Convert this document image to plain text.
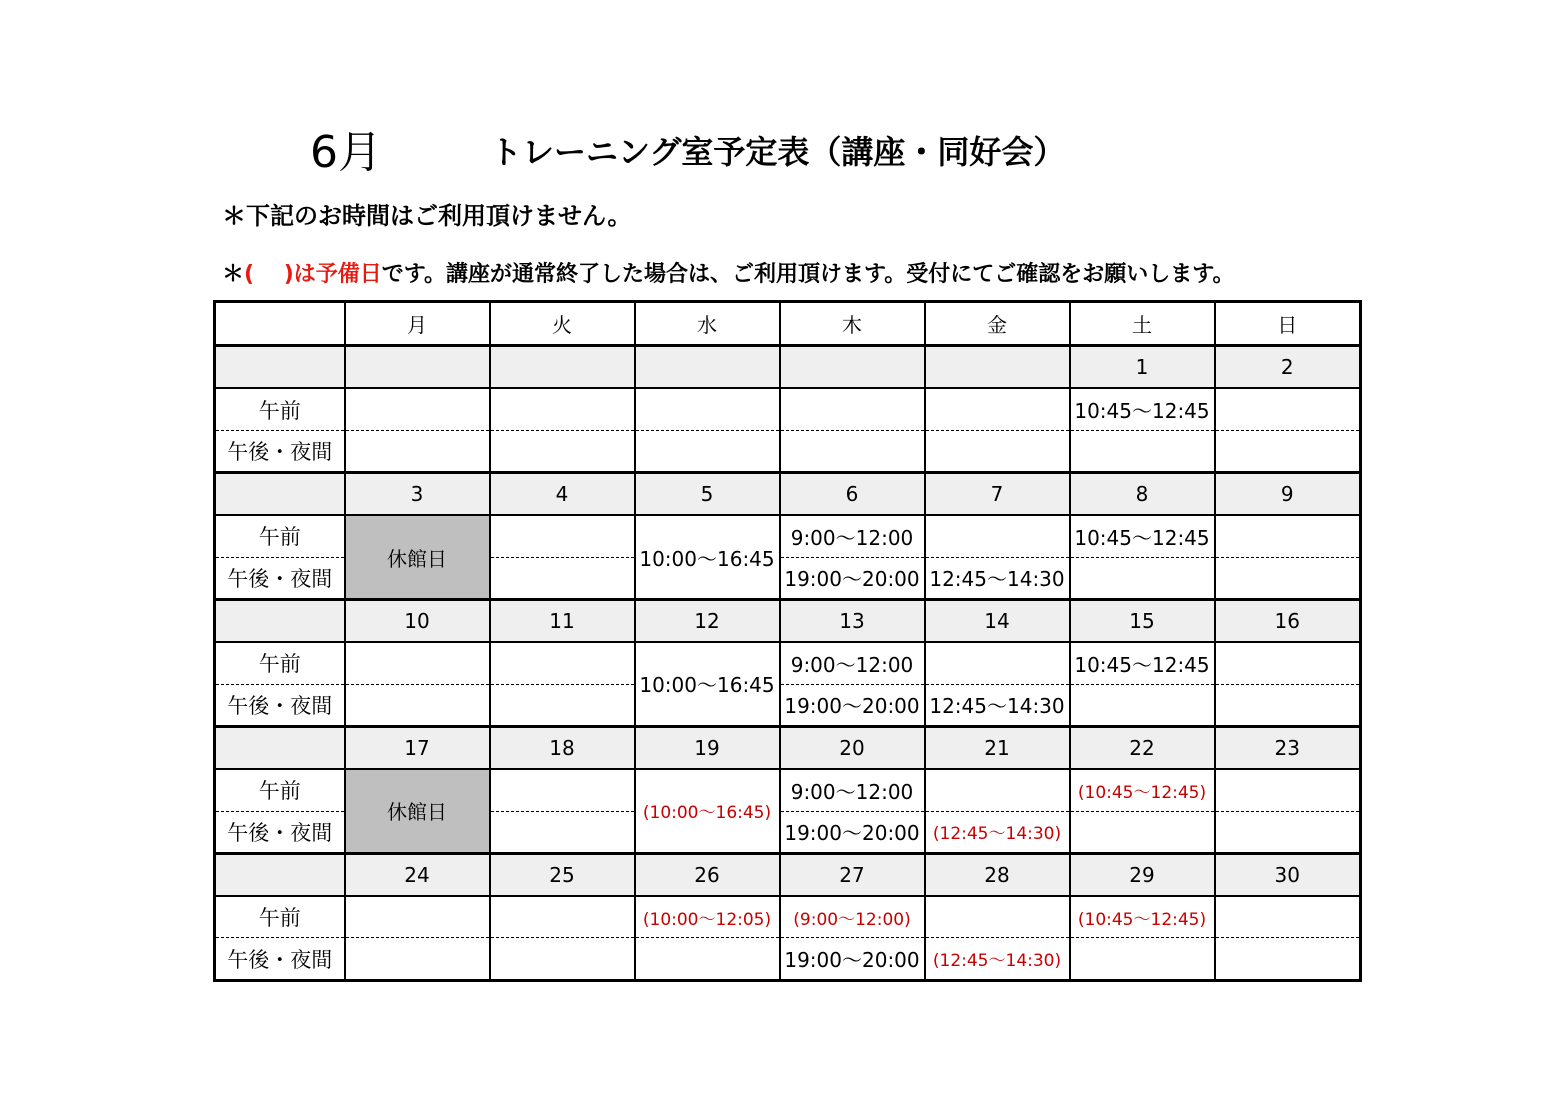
6月	トレーニング室予定表（講座・同好会）
＊下記のお時間はご利用頂けません。
＊(　 )は予備日です。講座が通常終了した場合は、ご利用頂けます。受付にてご確認をお願いします。
	月	火	水	木	金	土	日
						1	2
午前						10:45～12:45	
午後・夜間							
	3	4	5	6	7	8	9
午前	休館日		10:00～16:45	9:00～12:00		10:45～12:45	
午後・夜間				19:00～20:00	12:45～14:30		
	10	11	12	13	14	15	16
午前			10:00～16:45	9:00～12:00		10:45～12:45	
午後・夜間				19:00～20:00	12:45～14:30		
	17	18	19	20	21	22	23
午前	休館日		(10:00～16:45)	9:00～12:00		(10:45～12:45)	
午後・夜間				19:00～20:00	(12:45～14:30)		
	24	25	26	27	28	29	30
午前			(10:00～12:05)	(9:00～12:00)		(10:45～12:45)	
午後・夜間				19:00～20:00	(12:45～14:30)		
